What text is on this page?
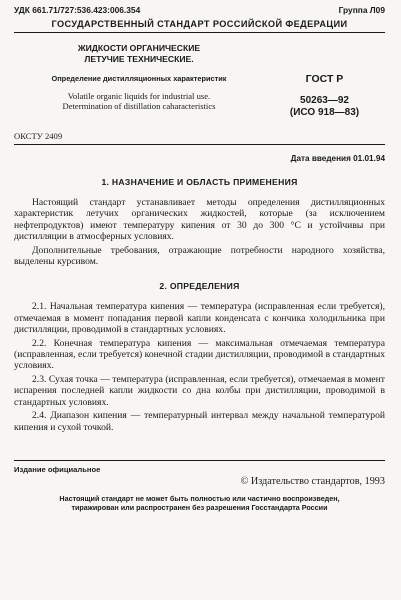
УДК 661.71/727:536.423:006.354	Группа Л09
ГОСУДАРСТВЕННЫЙ СТАНДАРТ РОССИЙСКОЙ ФЕДЕРАЦИИ
ЖИДКОСТИ ОРГАНИЧЕСКИЕ
ЛЕТУЧИЕ ТЕХНИЧЕСКИЕ.
Определение дистилляционных характеристик
Volatile organic liquids for industrial use.
Determination of distillation caharacteristics
ГОСТ Р
50263—92
(ИСО 918—83)
ОКСТУ 2409
Дата введения 01.01.94
1. НАЗНАЧЕНИЕ И ОБЛАСТЬ ПРИМЕНЕНИЯ

Настоящий стандарт устанавливает методы определения дистилляционных характеристик летучих органических жидкостей, которые (за исключением нефтепродуктов) имеют температуру кипения от 30 до 300 °С и устойчивы при дистилляции в атмосферных условиях.

Дополнительные требования, отражающие потребности народного хозяйства, выделены курсивом.

2. ОПРЕДЕЛЕНИЯ

2.1. Начальная температура кипения — температура (исправленная если требуется), отмечаемая в момент попадания первой капли конденсата с кончика холодильника при дистилляции, проводимой в стандартных условиях.

2.2. Конечная температура кипения — максимальная отмечаемая температура (исправленная, если требуется) конечной стадии дистилляции, проводимой в стандартных условиях.

2.3. Сухая точка — температура (исправленная, если требуется), отмечаемая в момент испарения последней капли жидкости со дна колбы при дистилляции, проводимой в стандартных условиях.

2.4. Диапазон кипения — температурный интервал между начальной температурой кипения и сухой точкой.

Издание официальное
© Издательство стандартов, 1993
Настоящий стандарт не может быть полностью или частично воспроизведен,
тиражирован или распространен без разрешения Госстандарта России
